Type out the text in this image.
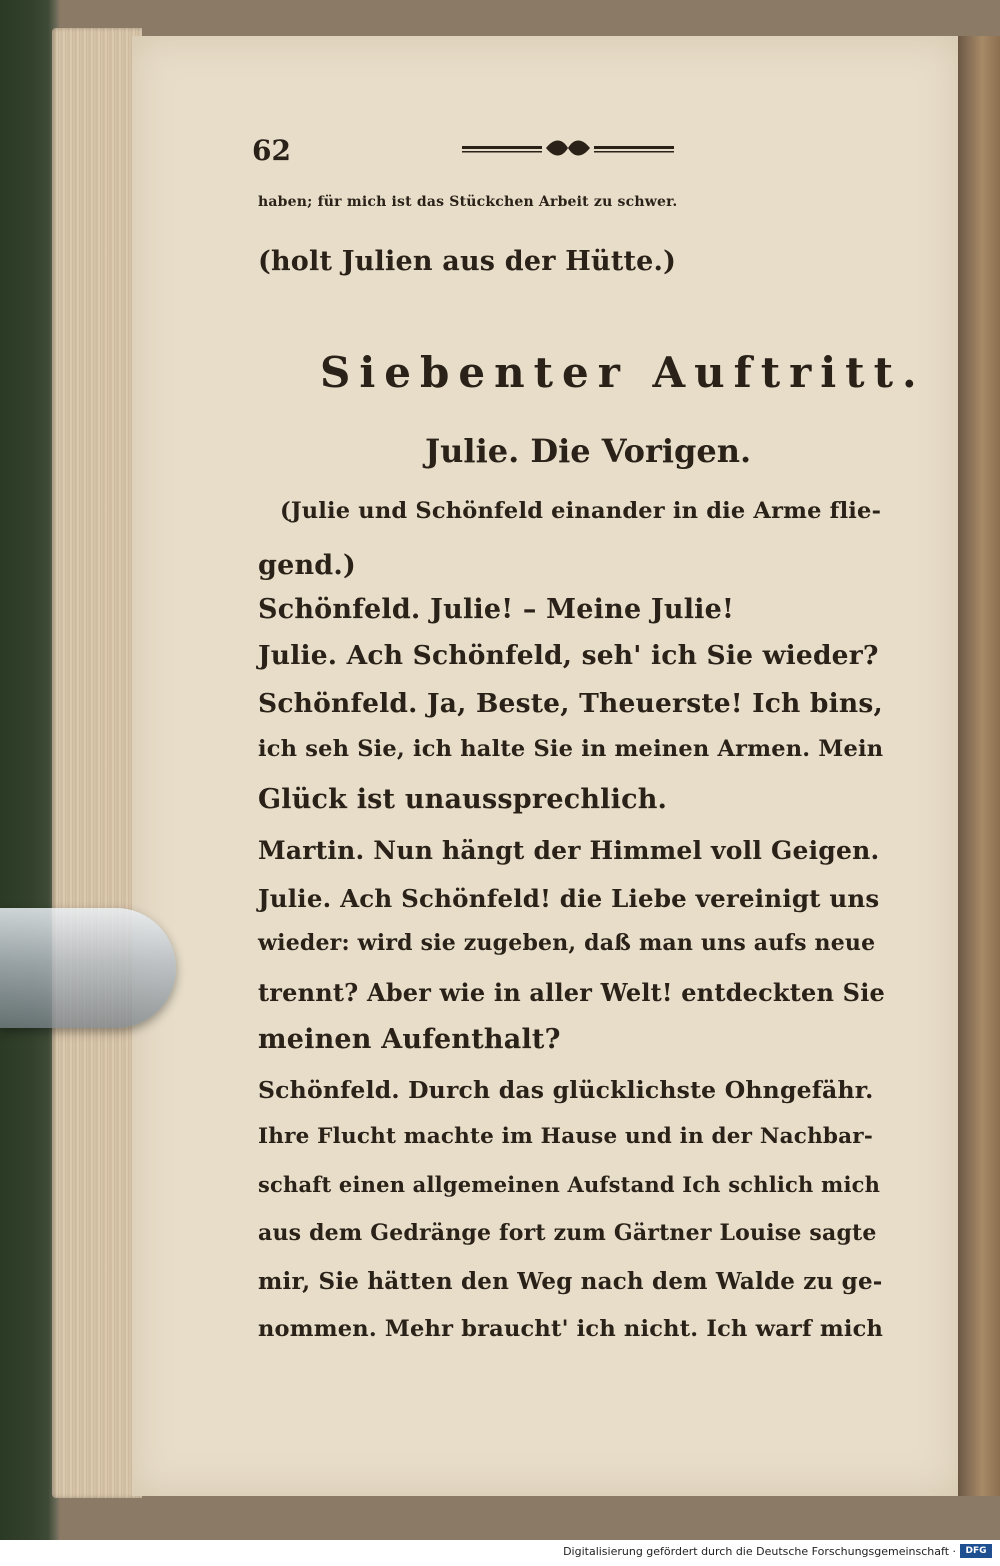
62
haben; für mich ist das Stückchen Arbeit zu schwer.
(holt Julien aus der Hütte.)
Siebenter Auftritt.
Julie. Die Vorigen.
(Julie und Schönfeld einander in die Arme flie-
gend.)
Schönfeld. Julie! – Meine Julie!
Julie. Ach Schönfeld, seh' ich Sie wieder?
Schönfeld. Ja, Beste, Theuerste! Ich bins,
ich seh Sie, ich halte Sie in meinen Armen. Mein
Glück ist unaussprechlich.
Martin. Nun hängt der Himmel voll Geigen.
Julie. Ach Schönfeld! die Liebe vereinigt uns
wieder: wird sie zugeben, daß man uns aufs neue
trennt? Aber wie in aller Welt! entdeckten Sie
meinen Aufenthalt?
Schönfeld. Durch das glücklichste Ohngefähr.
Ihre Flucht machte im Hause und in der Nachbar-
schaft einen allgemeinen Aufstand Ich schlich mich
aus dem Gedränge fort zum Gärtner Louise sagte
mir, Sie hätten den Weg nach dem Walde zu ge-
nommen. Mehr braucht' ich nicht. Ich warf mich
Digitalisierung gefördert durch die Deutsche Forschungsgemeinschaft ·	DFG
